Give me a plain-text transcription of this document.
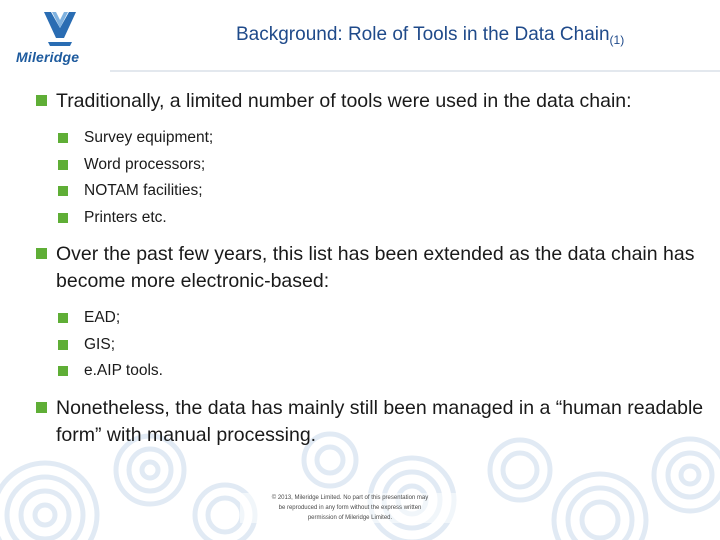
Mileridge
Background: Role of Tools in the Data Chain$_{(1)}$
Traditionally, a limited number of tools were used in the data chain:
Survey equipment;
Word processors;
NOTAM facilities;
Printers etc.
Over the past few years, this list has been extended as the data chain has become more electronic-based:
EAD;
GIS;
e.AIP tools.
Nonetheless, the data has mainly still been managed in a “human readable form” with manual processing.
© 2013, Mileridge Limited. No part of this presentation may
be reproduced in any form without the express written
permission of Mileridge Limited.
